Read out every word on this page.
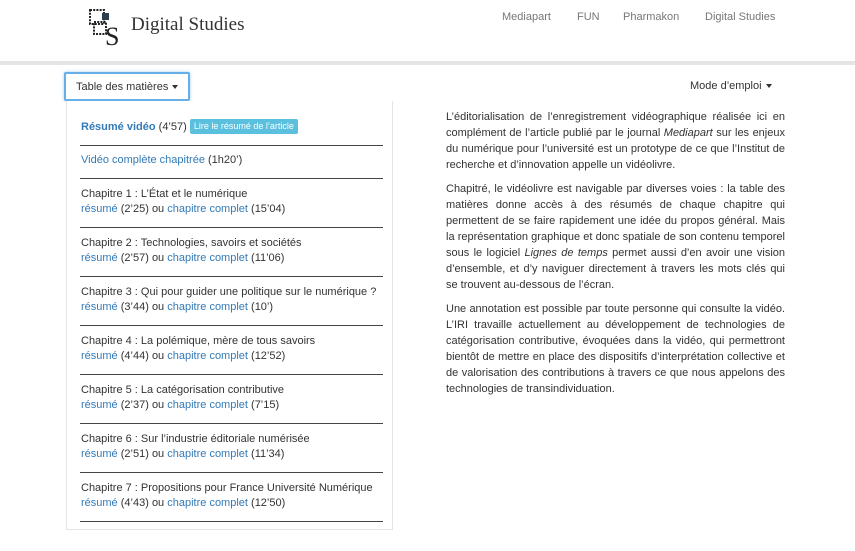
S Digital Studies	Mediapart FUN Pharmakon Digital Studies
Table des matières
Résumé vidéo (4’57) Lire le résumé de l’article
Vidéo complète chapitrée (1h20’)
Chapitre 1 : L’État et le numérique
résumé (2’25) ou chapitre complet (15’04)
Chapitre 2 : Technologies, savoirs et sociétés
résumé (2’57) ou chapitre complet (11’06)
Chapitre 3 : Qui pour guider une politique sur le numérique ?
résumé (3’44) ou chapitre complet (10’)
Chapitre 4 : La polémique, mère de tous savoirs
résumé (4’44) ou chapitre complet (12’52)
Chapitre 5 : La catégorisation contributive
résumé (2’37) ou chapitre complet (7’15)
Chapitre 6 : Sur l’industrie éditoriale numérisée
résumé (2’51) ou chapitre complet (11’34)
Chapitre 7 : Propositions pour France Université Numérique
résumé (4’43) ou chapitre complet (12’50)
Mode d’emploi

L’éditorialisation de l’enregistrement vidéographique réalisée ici en complément de l’article publié par le journal Mediapart sur les enjeux du numérique pour l’université est un prototype de ce que l’Institut de recherche et d’innovation appelle un vidéolivre.

Chapitré, le vidéolivre est navigable par diverses voies : la table des matières donne accès à des résumés de chaque chapitre qui permettent de se faire rapidement une idée du propos général. Mais la représentation graphique et donc spatiale de son contenu temporel sous le logiciel Lignes de temps permet aussi d’en avoir une vision d’ensemble, et d’y naviguer directement à travers les mots clés qui se trouvent au-dessous de l’écran.

Une annotation est possible par toute personne qui consulte la vidéo. L’IRI travaille actuellement au développement de technologies de catégorisation contributive, évoquées dans la vidéo, qui permettront bientôt de mettre en place des dispositifs d’interprétation collective et de valorisation des contributions à travers ce que nous appelons des technologies de transindividuation.
